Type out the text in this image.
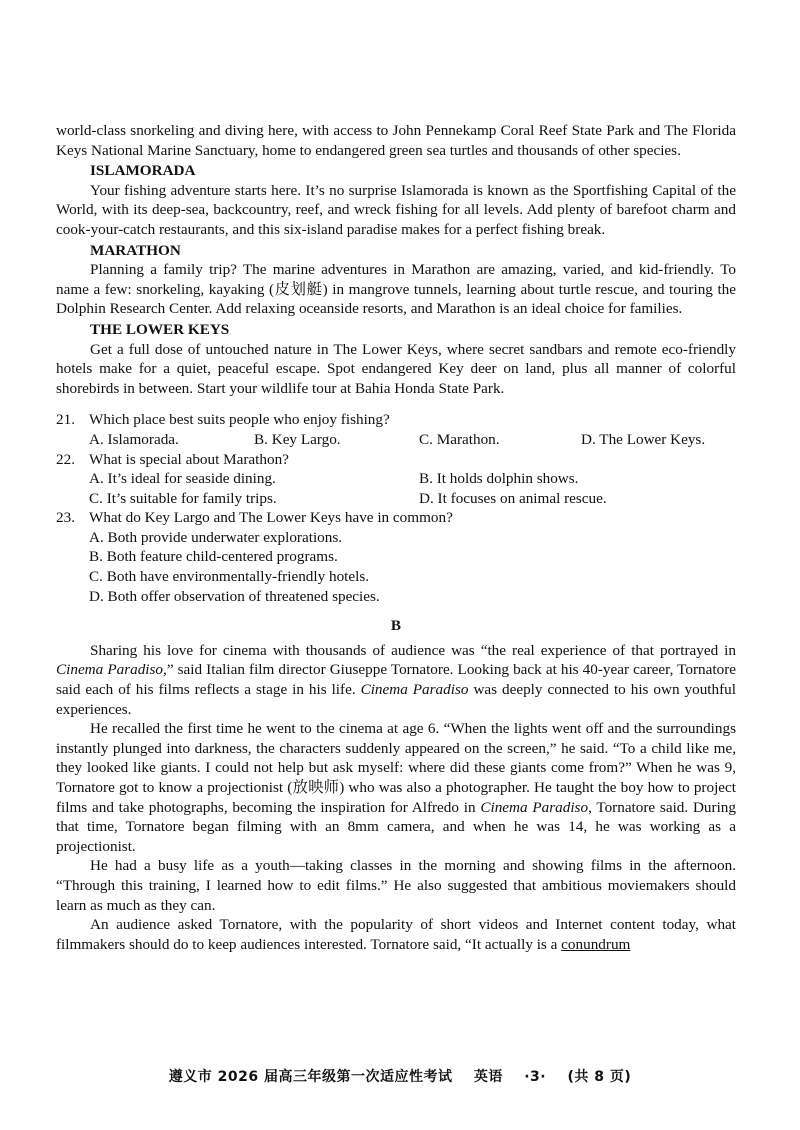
world-class snorkeling and diving here, with access to John Pennekamp Coral Reef State Park and The Florida Keys National Marine Sanctuary, home to endangered green sea turtles and thousands of other species.

ISLAMORADA

Your fishing adventure starts here. It’s no surprise Islamorada is known as the Sportfishing Capital of the World, with its deep-sea, backcountry, reef, and wreck fishing for all levels. Add plenty of barefoot charm and cook-your-catch restaurants, and this six-island paradise makes for a perfect fishing break.

MARATHON

Planning a family trip? The marine adventures in Marathon are amazing, varied, and kid-friendly. To name a few: snorkeling, kayaking (皮划艇) in mangrove tunnels, learning about turtle rescue, and touring the Dolphin Research Center. Add relaxing oceanside resorts, and Marathon is an ideal choice for families.

THE LOWER KEYS

Get a full dose of untouched nature in The Lower Keys, where secret sandbars and remote eco-friendly hotels make for a quiet, peaceful escape. Spot endangered Key deer on land, plus all manner of colorful shorebirds in between. Start your wildlife tour at Bahia Honda State Park.

21. Which place best suits people who enjoy fishing?
A. Islamorada.	B. Key Largo.	C. Marathon.	D. The Lower Keys.
22. What is special about Marathon?
A. It’s ideal for seaside dining.	B. It holds dolphin shows.
C. It’s suitable for family trips.	D. It focuses on animal rescue.
23. What do Key Largo and The Lower Keys have in common?

A. Both provide underwater explorations.

B. Both feature child-centered programs.

C. Both have environmentally-friendly hotels.

D. Both offer observation of threatened species.

B

Sharing his love for cinema with thousands of audience was “the real experience of that portrayed in Cinema Paradiso,” said Italian film director Giuseppe Tornatore. Looking back at his 40-year career, Tornatore said each of his films reflects a stage in his life. Cinema Paradiso was deeply connected to his own youthful experiences.

He recalled the first time he went to the cinema at age 6. “When the lights went off and the surroundings instantly plunged into darkness, the characters suddenly appeared on the screen,” he said. “To a child like me, they looked like giants. I could not help but ask myself: where did these giants come from?” When he was 9, Tornatore got to know a projectionist (放映师) who was also a photographer. He taught the boy how to project films and take photographs, becoming the inspiration for Alfredo in Cinema Paradiso, Tornatore said. During that time, Tornatore began filming with an 8mm camera, and when he was 14, he was working as a projectionist.

He had a busy life as a youth—taking classes in the morning and showing films in the afternoon. “Through this training, I learned how to edit films.” He also suggested that ambitious moviemakers should learn as much as they can.

An audience asked Tornatore, with the popularity of short videos and Internet content today, what filmmakers should do to keep audiences interested. Tornatore said, “It actually is a conundrum

遵义市 2026 届高三年级第一次适应性考试 英语 ·3· (共 8 页)
